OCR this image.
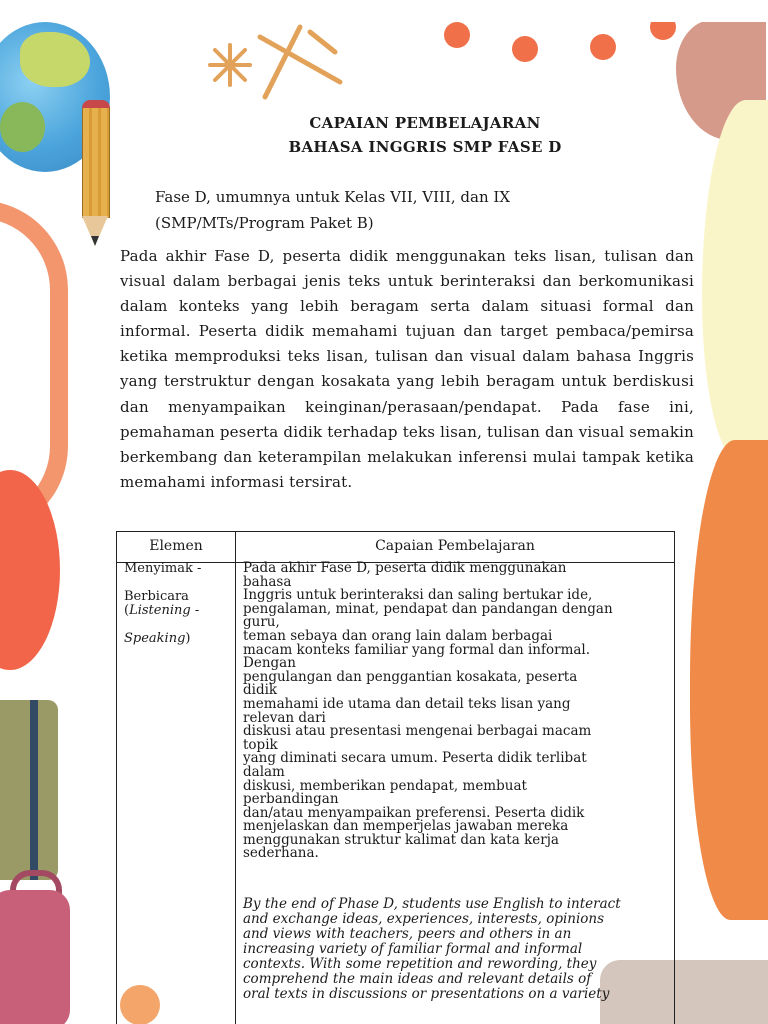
CAPAIAN PEMBELAJARAN
BAHASA INGGRIS SMP FASE D
Fase D, umumnya untuk Kelas VII, VIII, dan IX
(SMP/MTs/Program Paket B)
Pada akhir Fase D, peserta didik menggunakan teks lisan, tulisan dan visual dalam berbagai jenis teks untuk berinteraksi dan berkomunikasi dalam konteks yang lebih beragam serta dalam situasi formal dan informal. Peserta didik memahami tujuan dan target pembaca/pemirsa ketika memproduksi teks lisan, tulisan dan visual dalam bahasa Inggris yang terstruktur dengan kosakata yang lebih beragam untuk berdiskusi dan menyampaikan keinginan/perasaan/pendapat. Pada fase ini, pemahaman peserta didik terhadap teks lisan, tulisan dan visual semakin berkembang dan keterampilan melakukan inferensi mulai tampak ketika memahami informasi tersirat.
Elemen	Capaian Pembelajaran
Menyimak -
Berbicara
(Listening -
Speaking)
Pada akhir Fase D, peserta didik menggunakan
bahasa
Inggris untuk berinteraksi dan saling bertukar ide,
pengalaman, minat, pendapat dan pandangan dengan
guru,
teman sebaya dan orang lain dalam berbagai
macam konteks familiar yang formal dan informal.
Dengan
pengulangan dan penggantian kosakata, peserta
didik
memahami ide utama dan detail teks lisan yang
relevan dari
diskusi atau presentasi mengenai berbagai macam
topik
yang diminati secara umum. Peserta didik terlibat
dalam
diskusi, memberikan pendapat, membuat
perbandingan
dan/atau menyampaikan preferensi. Peserta didik
menjelaskan dan memperjelas jawaban mereka
menggunakan struktur kalimat dan kata kerja
sederhana.
By the end of Phase D, students use English to interact
and exchange ideas, experiences, interests, opinions
and views with teachers, peers and others in an
increasing variety of familiar formal and informal
contexts. With some repetition and rewording, they
comprehend the main ideas and relevant details of
oral texts in discussions or presentations on a variety
